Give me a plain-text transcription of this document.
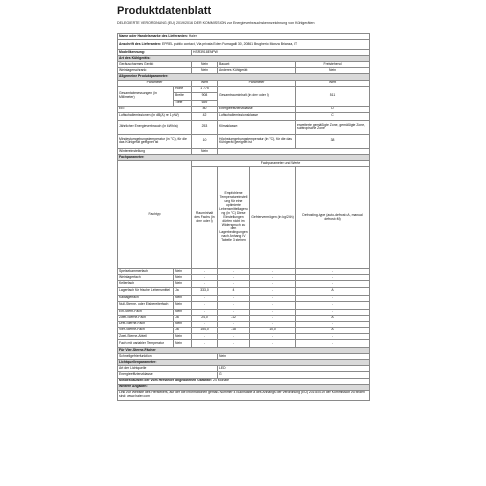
Produktdatenblatt
DELEGIERTE VERORDNUNG (EU) 2019/2016 DER KOMMISSION zur Energieverbrauchskennzeichnung von Kühlgeräten
Name oder Handelsmarke des Lieferanten: Haier					
Anschrift des Lieferanten: EPREL public contact, Via privata Eden Fumagalli 30, 20861 Brugherio Monza Brianza, IT					
Modellkennung:		HSR3918ENPW			
Art des Kühlgeräts:					
Geräuscharmes Gerät:		Nein	Bauart:		Freistehend
Weinlagerschrank:		Nein	Anderes Kühlgerät:		Nein
Allgemeine Produktparameter:					
Parameter		Wert	Parameter		Wert
Gesamtabmessungen (in Millimeter)	Höhe	1 775	Gesamtrauminhalt (in dm³ oder l)		511
	Breite	908			
	Tiefe	659			
EEI		80	Energieeffizienzklasse		D
Luftschallemissionen (in dB(A) re 1 pW)		42	Luftschallemissionsklasse		C
Jährlicher Energieverbrauch (in kWh/a)		253	Klimaklasse:		erweiterte gemäßigte Zone, gemäßigte Zone, subtropische Zone
Mindestumgebungstemperatur (in °C), für die das Kühlgerät geeignet ist		10	Höchstumgebungstemperatur (in °C), für die das Kühlgerät geeignet ist		38
Wintereinstellung		Nein			
Fachparameter:					
Fachtyp		Fachparameter und Werte			
		Rauminhalt des Fachs (in dm³ oder l)	Empfohlene Temperatureinstellung für eine optimierte Lebensmittellagerung (in °C) Diese Einstellungen dürfen nicht im Widerspruch zu den Lagerbedingungen nach Anhang IV Tabelle 3 stehen	Gefriervermögen (in kg/24h)	Defrosting-type (auto-defrost=A, manual defrost=M)
Speisekammerfach	Nein	-	-	-	-
Weinlagerfach	Nein	-	-	-	-
Kellerfach	Nein	-	-	-	-
Lagerfach für frische Lebensmittel	Ja	333,0	4	-	A
Kaltlagerfach	Nein	-	-	-	-
Null-Sterne- oder Eisbereiterfach	Nein	-	-	-	-
Ein-Stern-Fach	Nein	-	-	-	-
Zwei-Sterne-Fach	Ja	24,0	-12	-	A
Drei-Sterne-Fach	Nein	-	-	-	-
Vier-Sterne-Fach	Ja	154,0	-18	10,0	A
Zwei-Sterne-Abteil	Nein	-	-	-	-
Fach mit variabler Temperatur	Nein	-	-	-	-
Für Vier-Sterne-Fächer					
Schnellgefrierfunktion			Nein		
Lichtquellenparameter:					
Art der Lichtquelle			LED		
Energieeffizienzklasse			G		
Mindestlaufzeit der vom Hersteller angebotenen Garantie: 24 Monate					
Weitere Angaben:					
Link zur Website des Herstellers, auf der die Informationen gemäß Nummer 4 Buchstabe a des Anhangs der Verordnung (EU) 2019/2019 der Kommission zu finden sind: www.haier.com					
